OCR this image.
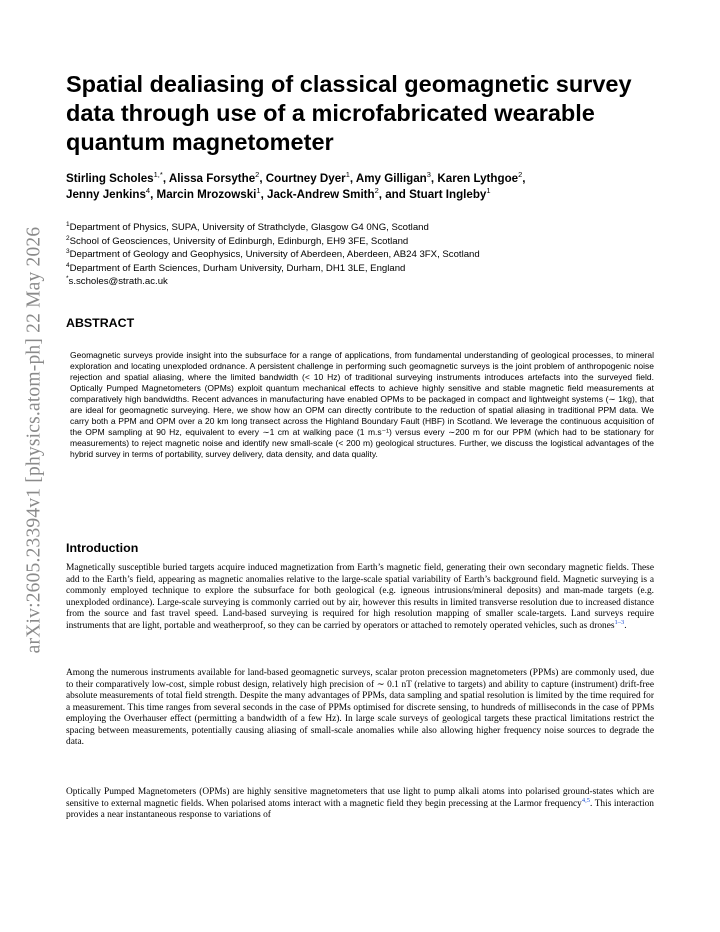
arXiv:2605.23394v1 [physics.atom-ph] 22 May 2026
Spatial dealiasing of classical geomagnetic survey data through use of a microfabricated wearable quantum magnetometer
Stirling Scholes$^{1,*}$, Alissa Forsythe$^2$, Courtney Dyer$^1$, Amy Gilligan$^3$, Karen Lythgoe$^2$,
Jenny Jenkins$^4$, Marcin Mrozowski$^1$, Jack-Andrew Smith$^2$, and Stuart Ingleby$^1$
$^1$Department of Physics, SUPA, University of Strathclyde, Glasgow G4 0NG, Scotland
$^2$School of Geosciences, University of Edinburgh, Edinburgh, EH9 3FE, Scotland
$^3$Department of Geology and Geophysics, University of Aberdeen, Aberdeen, AB24 3FX, Scotland
$^4$Department of Earth Sciences, Durham University, Durham, DH1 3LE, England
*s.scholes@strath.ac.uk
ABSTRACT

Geomagnetic surveys provide insight into the subsurface for a range of applications, from fundamental understanding of geological processes, to mineral exploration and locating unexploded ordnance. A persistent challenge in performing such geomagnetic surveys is the joint problem of anthropogenic noise rejection and spatial aliasing, where the limited bandwidth (< 10 Hz) of traditional surveying instruments introduces artefacts into the surveyed field. Optically Pumped Magnetometers (OPMs) exploit quantum mechanical effects to achieve highly sensitive and stable magnetic field measurements at comparatively high bandwidths. Recent advances in manufacturing have enabled OPMs to be packaged in compact and lightweight systems (∼ 1kg), that are ideal for geomagnetic surveying. Here, we show how an OPM can directly contribute to the reduction of spatial aliasing in traditional PPM data. We carry both a PPM and OPM over a 20 km long transect across the Highland Boundary Fault (HBF) in Scotland. We leverage the continuous acquisition of the OPM sampling at 90 Hz, equivalent to every ∼1 cm at walking pace (1 m.s⁻¹) versus every ∼200 m for our PPM (which had to be stationary for measurements) to reject magnetic noise and identify new small-scale (< 200 m) geological structures. Further, we discuss the logistical advantages of the hybrid survey in terms of portability, survey delivery, data density, and data quality.

Introduction

Magnetically susceptible buried targets acquire induced magnetization from Earth’s magnetic field, generating their own secondary magnetic fields. These add to the Earth’s field, appearing as magnetic anomalies relative to the large-scale spatial variability of Earth’s background field. Magnetic surveying is a commonly employed technique to explore the subsurface for both geological (e.g. igneous intrusions/mineral deposits) and man-made targets (e.g. unexploded ordinance). Large-scale surveying is commonly carried out by air, however this results in limited transverse resolution due to increased distance from the source and fast travel speed. Land-based surveying is required for high resolution mapping of smaller scale-targets. Land surveys require instruments that are light, portable and weatherproof, so they can be carried by operators or attached to remotely operated vehicles, such as drones$^{1-3}$.

Among the numerous instruments available for land-based geomagnetic surveys, scalar proton precession magnetometers (PPMs) are commonly used, due to their comparatively low-cost, simple robust design, relatively high precision of ∼ 0.1 nT (relative to targets) and ability to capture (instrument) drift-free absolute measurements of total field strength. Despite the many advantages of PPMs, data sampling and spatial resolution is limited by the time required for a measurement. This time ranges from several seconds in the case of PPMs optimised for discrete sensing, to hundreds of milliseconds in the case of PPMs employing the Overhauser effect (permitting a bandwidth of a few Hz). In large scale surveys of geological targets these practical limitations restrict the spacing between measurements, potentially causing aliasing of small-scale anomalies while also allowing higher frequency noise sources to degrade the data.

Optically Pumped Magnetometers (OPMs) are highly sensitive magnetometers that use light to pump alkali atoms into polarised ground-states which are sensitive to external magnetic fields. When polarised atoms interact with a magnetic field they begin precessing at the Larmor frequency$^{4,5}$. This interaction provides a near instantaneous response to variations of
